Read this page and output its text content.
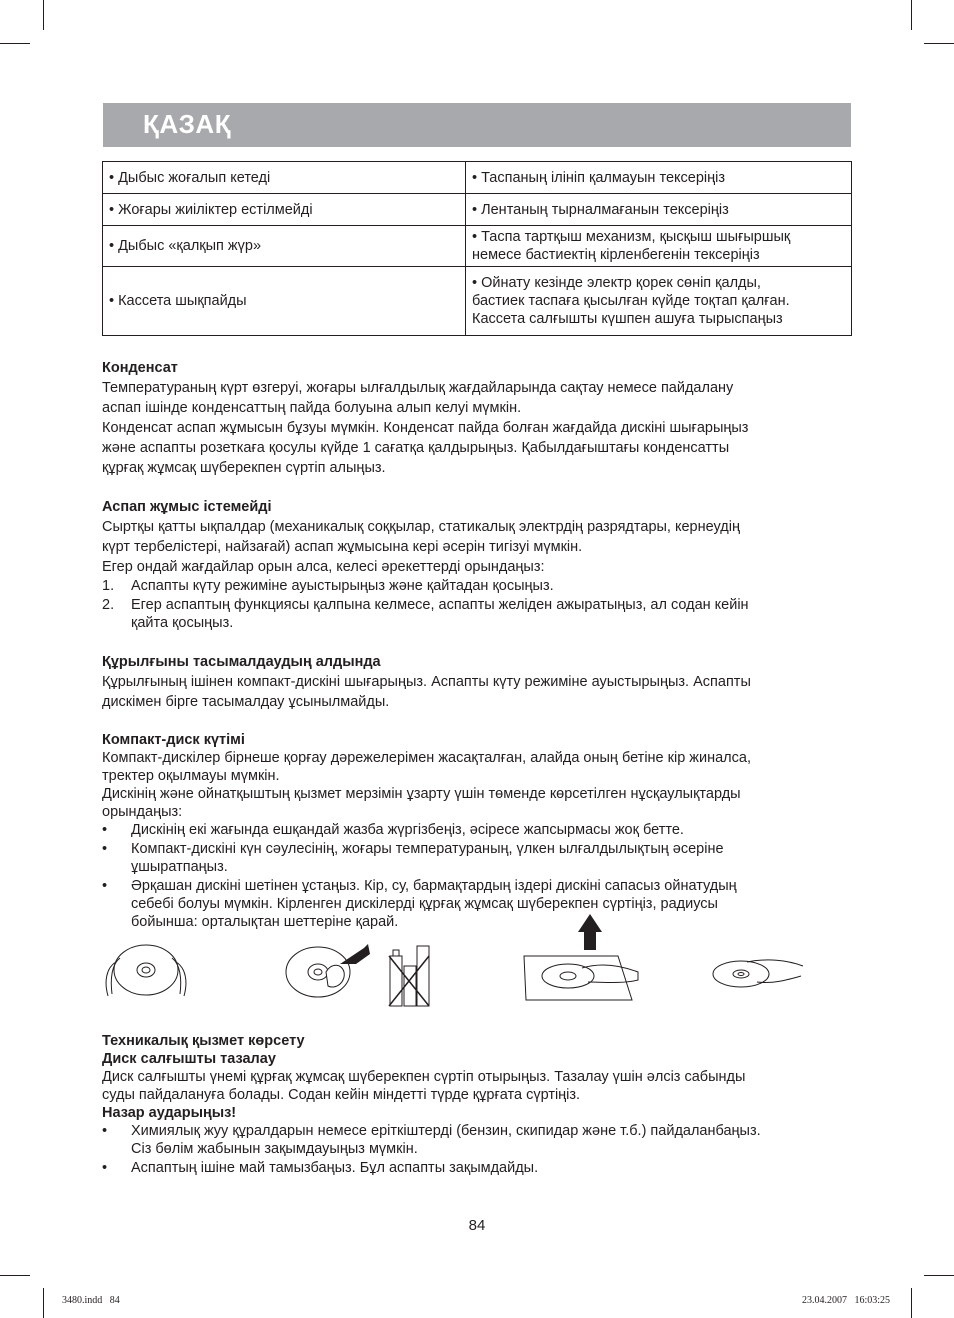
ҚАЗАҚ
• Дыбыс жоғалып кетеді	• Таспаның ілініп қалмауын тексеріңіз
• Жоғары жиіліктер естілмейді	• Лентаның тырналмағанын тексеріңіз
• Дыбыс «қалқып жүр»	• Таспа тартқыш механизм, қысқыш шығыршық
немесе бастиектің кірленбегенін тексеріңіз
• Кассета шықпайды	• Ойнату кезінде электр қорек сөніп қалды,
бастиек таспаға қысылған күйде тоқтап қалған.
Кассета салғышты күшпен ашуға тырыспаңыз

Конденсат

Температураның күрт өзгеруі, жоғары ылғалдылық жағдайларында сақтау немесе пайдалану

аспап ішінде конденсаттың пайда болуына алып келуі мүмкін.

Конденсат аспап жұмысын бұзуы мүмкін. Конденсат пайда болған жағдайда дискіні шығарыңыз

және аспапты розеткаға қосулы күйде 1 сағатқа қалдырыңыз. Қабылдағыштағы конденсатты

құрғақ жұмсақ шүберекпен сүртіп алыңыз.

Аспап жұмыс істемейді

Сыртқы қатты ықпалдар (механикалық соққылар, статикалық электрдің разрядтары, кернеудің

күрт тербелістері, найзағай) аспап жұмысына кері әсерін тигізуі мүмкін.

Егер ондай жағдайлар орын алса, келесі әрекеттерді орындаңыз:

1. Аспапты күту режиміне ауыстырыңыз және қайтадан қосыңыз.
2. Егер аспаптың функциясы қалпына келмесе, аспапты желіден ажыратыңыз, ал содан кейін
қайта қосыңыз.

Құрылғыны тасымалдаудың алдында

Құрылғының ішінен компакт-дискіні шығарыңыз. Аспапты күту режиміне ауыстырыңыз. Аспапты

дискімен бірге тасымалдау ұсынылмайды.

Компакт-диск күтімі

Компакт-дискілер бірнеше қорғау дәрежелерімен жасақталған, алайда оның бетіне кір жиналса,

тректер оқылмауы мүмкін.

Дискінің және ойнатқыштың қызмет мерзімін ұзарту үшін төменде көрсетілген нұсқаулықтарды

орындаңыз:

• Дискінің екі жағында ешқандай жазба жүргізбеңіз, әсіресе жапсырмасы жоқ бетте.
• Компакт-дискіні күн сәулесінің, жоғары температураның, үлкен ылғалдылықтың әсеріне
ұшыратпаңыз.
• Әрқашан дискіні шетінен ұстаңыз. Кір, су, бармақтардың іздері дискіні сапасыз ойнатудың
себебі болуы мүмкін. Кірленген дискілерді құрғақ жұмсақ шүберекпен сүртіңіз, радиусы
бойынша: орталықтан шеттеріне қарай.

Техникалық қызмет көрсету

Диск салғышты тазалау

Диск салғышты үнемі құрғақ жұмсақ шүберекпен сүртіп отырыңыз. Тазалау үшін әлсіз сабынды

суды пайдалануға болады. Содан кейін міндетті түрде құрғата сүртіңіз.

Назар аударыңыз!

• Химиялық жуу құралдарын немесе еріткіштерді (бензин, скипидар және т.б.) пайдаланбаңыз.
Сіз бөлім жабынын зақымдауыңыз мүмкін.
• Аспаптың ішіне май тамызбаңыз. Бұл аспапты зақымдайды.
84
3480.indd   84	23.04.2007   16:03:25
